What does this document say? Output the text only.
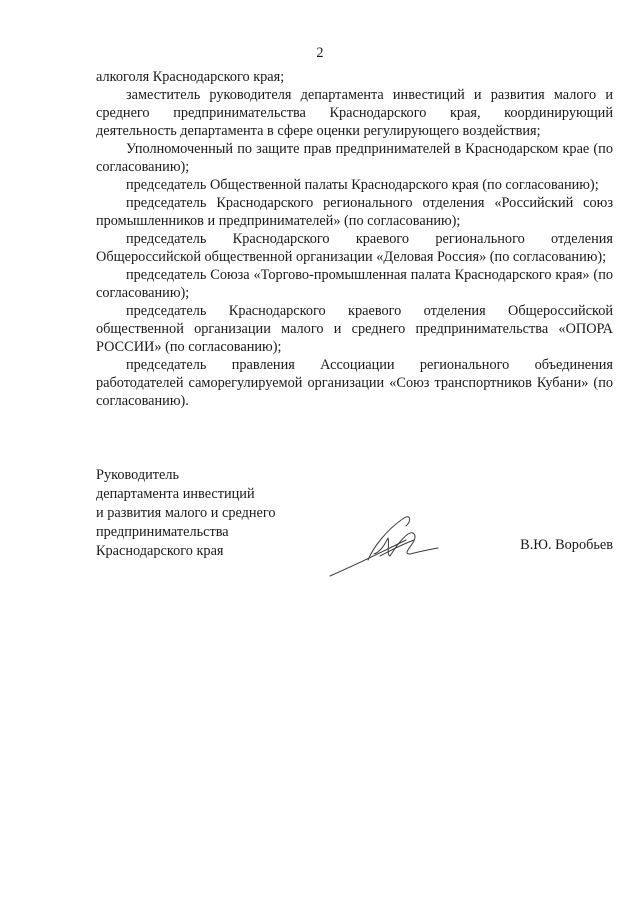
2

алкоголя Краснодарского края;

заместитель руководителя департамента инвестиций и развития малого и среднего предпринимательства Краснодарского края, координирующий деятельность департамента в сфере оценки регулирующего воздействия;

Уполномоченный по защите прав предпринимателей в Краснодарском крае (по согласованию);

председатель Общественной палаты Краснодарского края (по согласованию);

председатель Краснодарского регионального отделения «Российский союз промышленников и предпринимателей» (по согласованию);

председатель Краснодарского краевого регионального отделения Общероссийской общественной организации «Деловая Россия» (по согласованию);

председатель Союза «Торгово-промышленная палата Краснодарского края» (по согласованию);

председатель Краснодарского краевого отделения Общероссийской общественной организации малого и среднего предпринимательства «ОПОРА РОССИИ» (по согласованию);

председатель правления Ассоциации регионального объединения работодателей саморегулируемой организации «Союз транспортников Кубани» (по согласованию).

Руководитель

департамента инвестиций

и развития малого и среднего

предпринимательства

Краснодарского края	В.Ю. Воробьев
